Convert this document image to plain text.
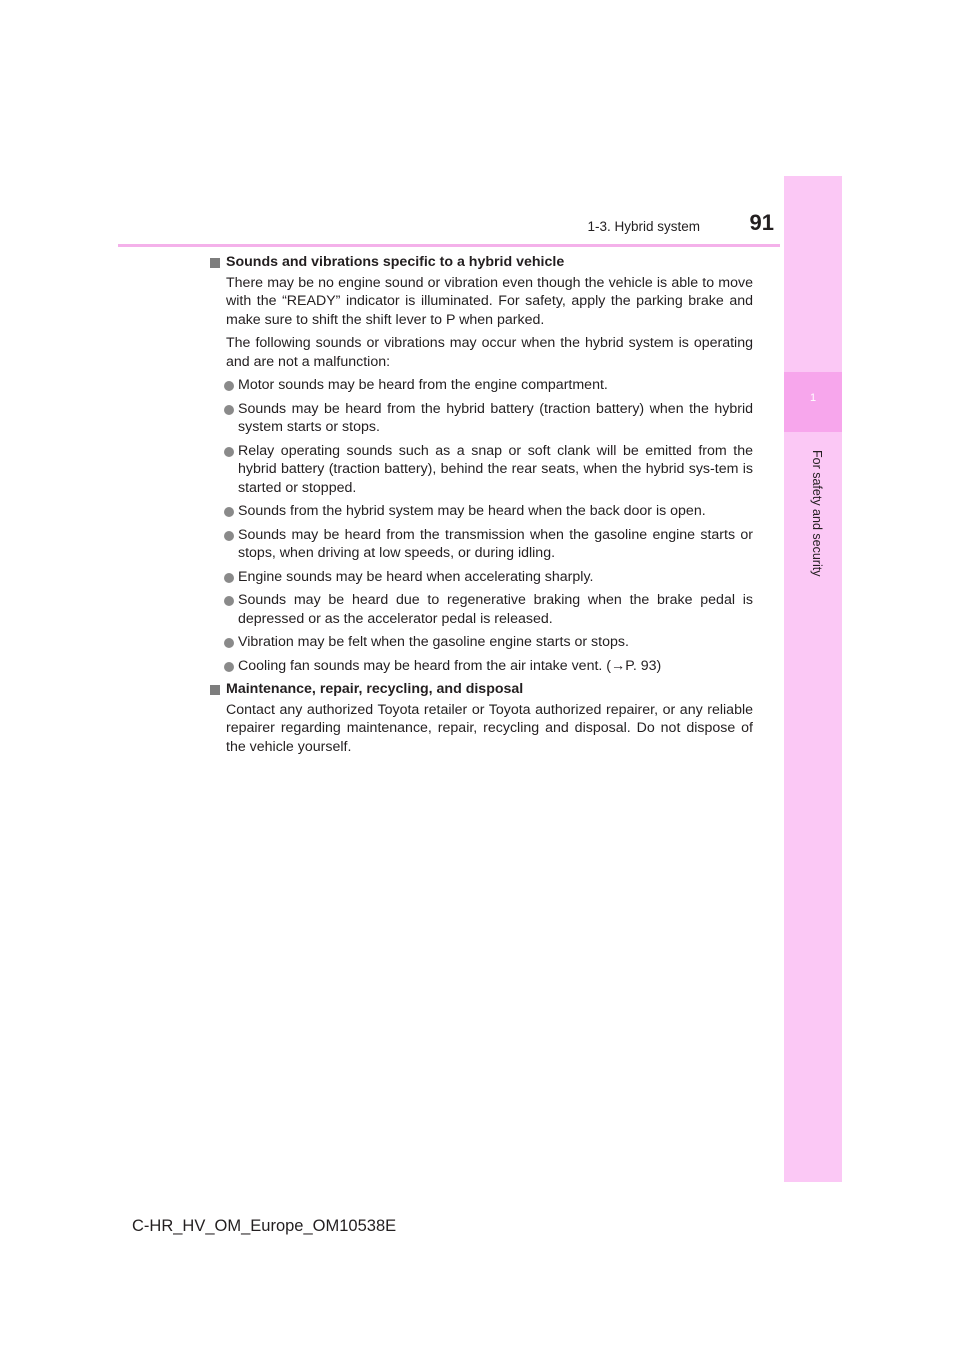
1-3. Hybrid system	91
1
For safety and security
Sounds and vibrations specific to a hybrid vehicle
There may be no engine sound or vibration even though the vehicle is able to move with the “READY” indicator is illuminated. For safety, apply the parking brake and make sure to shift the shift lever to P when parked.
The following sounds or vibrations may occur when the hybrid system is operating and are not a malfunction:
Motor sounds may be heard from the engine compartment.
Sounds may be heard from the hybrid battery (traction battery) when the hybrid system starts or stops.
Relay operating sounds such as a snap or soft clank will be emitted from the hybrid battery (traction battery), behind the rear seats, when the hybrid sys-tem is started or stopped.
Sounds from the hybrid system may be heard when the back door is open.
Sounds may be heard from the transmission when the gasoline engine starts or stops, when driving at low speeds, or during idling.
Engine sounds may be heard when accelerating sharply.
Sounds may be heard due to regenerative braking when the brake pedal is depressed or as the accelerator pedal is released.
Vibration may be felt when the gasoline engine starts or stops.
Cooling fan sounds may be heard from the air intake vent. (→P. 93)
Maintenance, repair, recycling, and disposal
Contact any authorized Toyota retailer or Toyota authorized repairer, or any reliable repairer regarding maintenance, repair, recycling and disposal. Do not dispose of the vehicle yourself.
C-HR_HV_OM_Europe_OM10538E
